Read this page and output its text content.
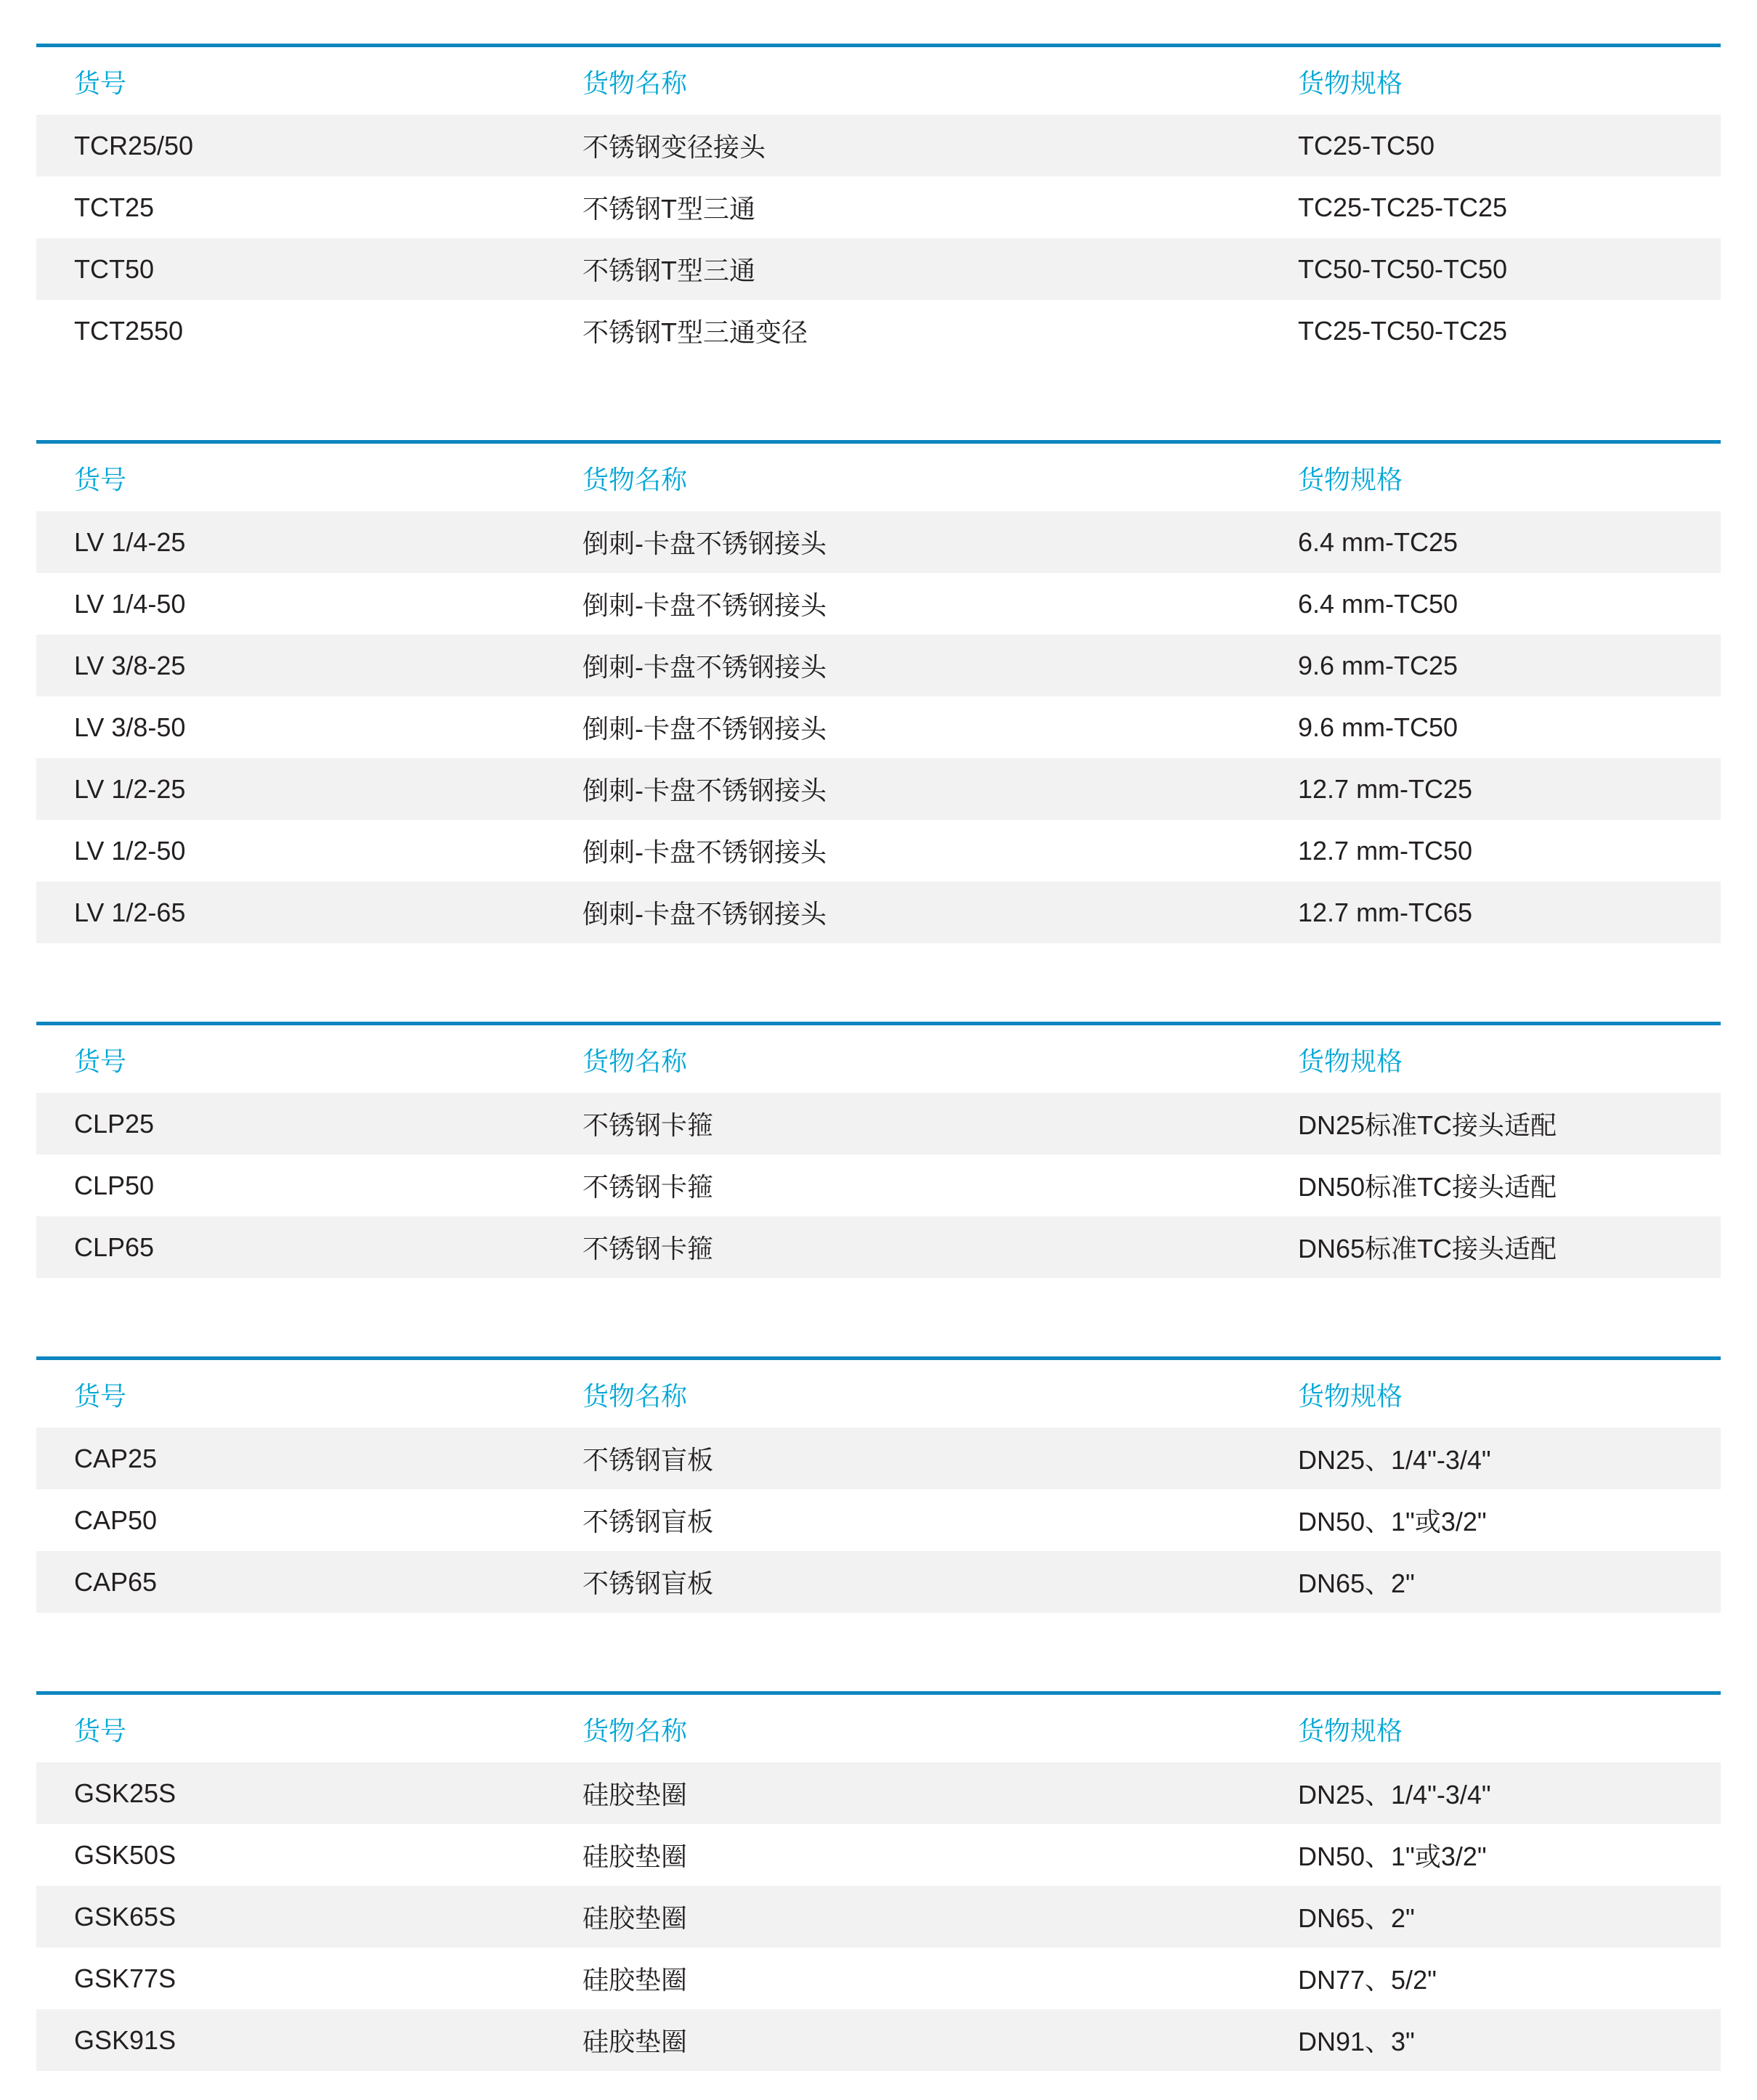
货号	货物名称	货物规格
TCR25/50	不锈钢变径接头	TC25-TC50
TCT25	不锈钢T型三通	TC25-TC25-TC25
TCT50	不锈钢T型三通	TC50-TC50-TC50
TCT2550	不锈钢T型三通变径	TC25-TC50-TC25

货号	货物名称	货物规格
LV 1/4-25	倒刺-卡盘不锈钢接头	6.4 mm-TC25
LV 1/4-50	倒刺-卡盘不锈钢接头	6.4 mm-TC50
LV 3/8-25	倒刺-卡盘不锈钢接头	9.6 mm-TC25
LV 3/8-50	倒刺-卡盘不锈钢接头	9.6 mm-TC50
LV 1/2-25	倒刺-卡盘不锈钢接头	12.7 mm-TC25
LV 1/2-50	倒刺-卡盘不锈钢接头	12.7 mm-TC50
LV 1/2-65	倒刺-卡盘不锈钢接头	12.7 mm-TC65

货号	货物名称	货物规格
CLP25	不锈钢卡箍	DN25标准TC接头适配
CLP50	不锈钢卡箍	DN50标准TC接头适配
CLP65	不锈钢卡箍	DN65标准TC接头适配

货号	货物名称	货物规格
CAP25	不锈钢盲板	DN25、1/4"-3/4"
CAP50	不锈钢盲板	DN50、1"或3/2"
CAP65	不锈钢盲板	DN65、2"

货号	货物名称	货物规格
GSK25S	硅胶垫圈	DN25、1/4"-3/4"
GSK50S	硅胶垫圈	DN50、1"或3/2"
GSK65S	硅胶垫圈	DN65、2"
GSK77S	硅胶垫圈	DN77、5/2"
GSK91S	硅胶垫圈	DN91、3"
